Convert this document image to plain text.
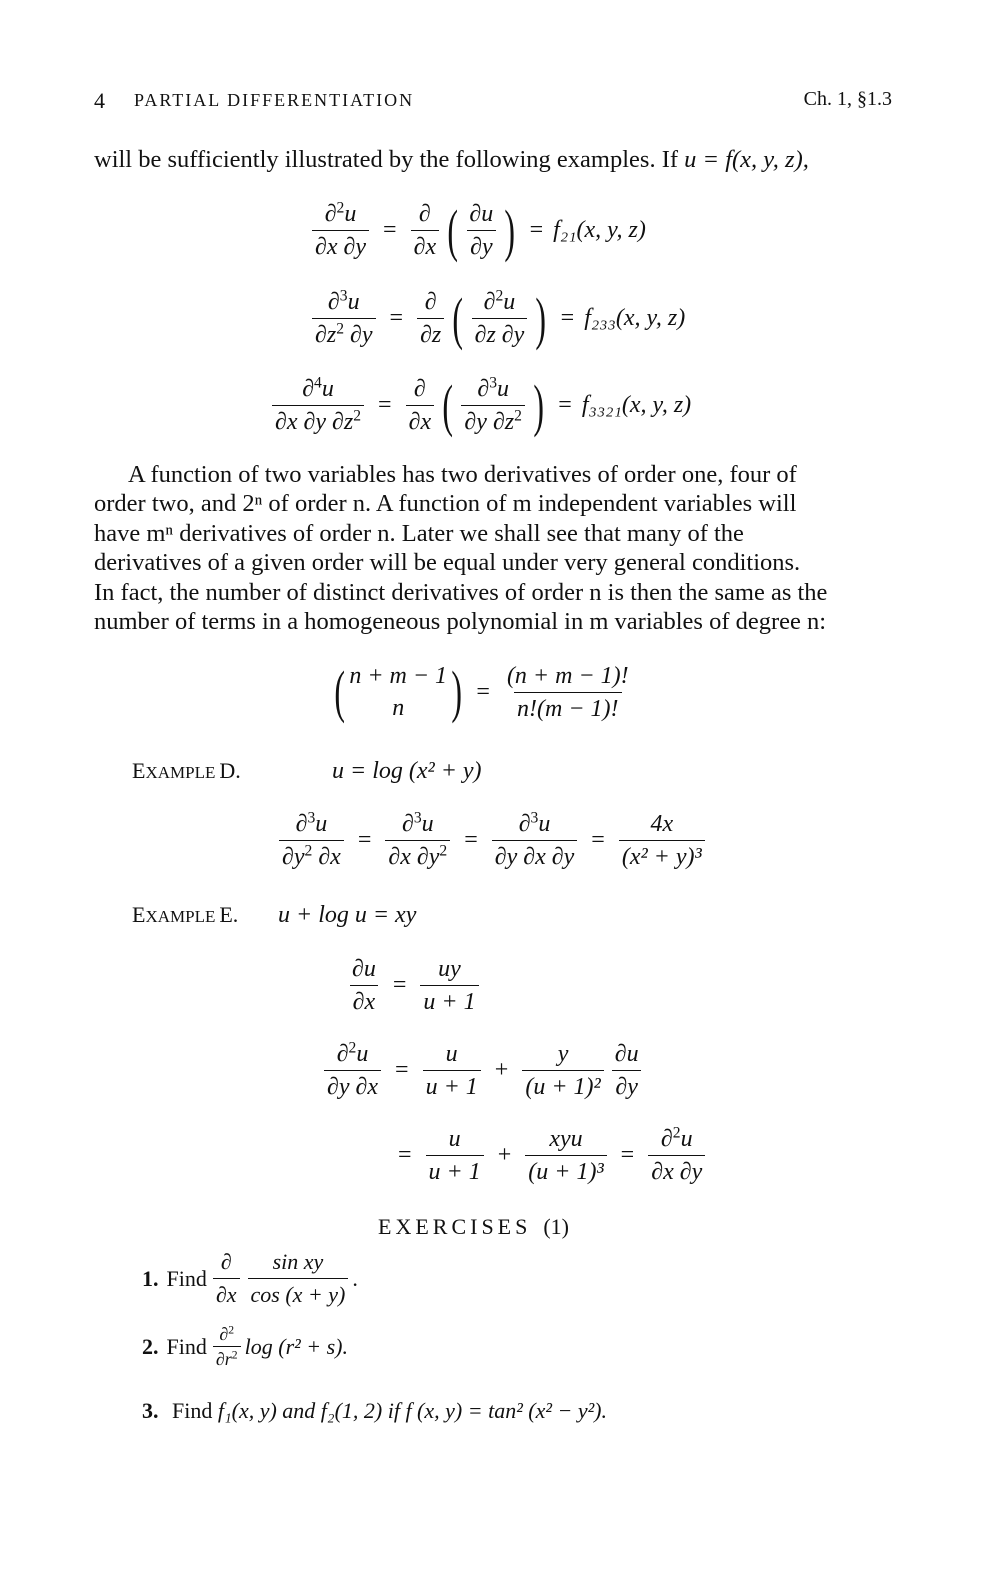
4 PARTIAL DIFFERENTIATION	Ch. 1, §1.3
will be sufficiently illustrated by the following examples. If u = f(x, y, z),
$\frac{\partial^2u}{\partial x \partial y}$ =
∂
∂x ( ∂u
∂y ) = f₂₁(x, y, z)
$\frac{\partial^3u}{\partial z^2 \partial y}$ =
∂
∂z ( ∂$^2$u
∂z ∂y ) = f₂₃₃(x, y, z)
$\frac{\partial^4u}{\partial x \partial y \partial z^2}$ =
∂
∂x ( ∂$^3$u
∂y $\partial z^2$ ) = f₃₃₂₁(x, y, z)

A function of two variables has two derivatives of order one, four of

order two, and 2ⁿ of order n. A function of m independent variables will

have mⁿ derivatives of order n. Later we shall see that many of the

derivatives of a given order will be equal under very general conditions.

In fact, the number of distinct derivatives of order n is then the same as the

number of terms in a homogeneous polynomial in m variables of degree n:

( n + m − 1
n ) = $\frac{(n + m - 1)!}{n!(m - 1)!}$
EXAMPLE D.	u = log (x² + y)
$\frac{\partial^3u}{\partial y^2 \partial x} = \frac{\partial^3u}{\partial x \partial y^2} = \frac{\partial^3u}{\partial y \partial x \partial y} = \frac{4x}{\text{(x² + y)³}}$
EXAMPLE E. u + log u = xy
$\frac{\partial u}{\partial x} = \frac{uy}{u + 1}$
$\frac{\partial^2u}{\partial y \partial x} = \frac{u}{u + 1} + \frac{y}{\text{(u + 1)²}} \partial u$
∂y
= $\frac{u}{u + 1}$ +
xyu
(u + 1)³
= $\frac{\partial^2u}{\partial x \partial y}$
EXERCISES (1)
1. Find
∂
∂x
sin xy
cos (x + y)
.
2. Find ∂$^2$
$\partial r^2$ log (r² + s).
3. Find f₁(x, y) and f₂(1, 2) if f (x, y) = tan² (x² − y²).
